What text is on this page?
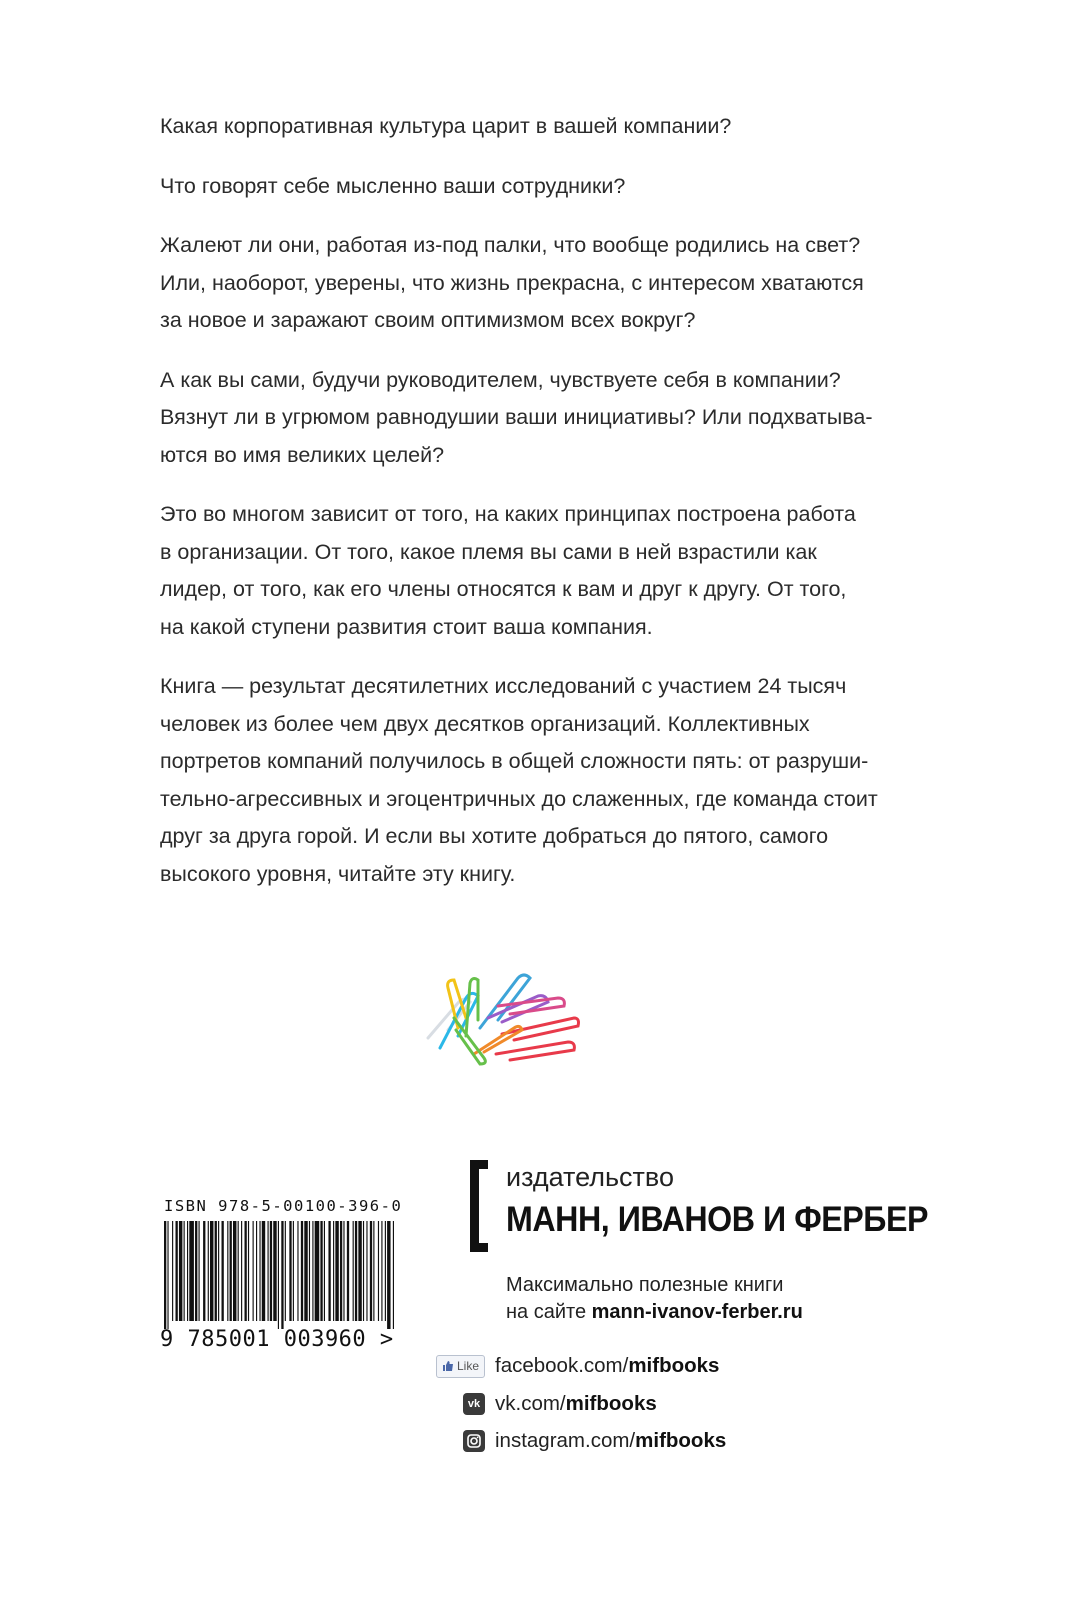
Какая корпоративная культура царит в вашей компании?

Что говорят себе мысленно ваши сотрудники?

Жалеют ли они, работая из-под палки, что вообще родились на свет?
Или, наоборот, уверены, что жизнь прекрасна, с интересом хватаются
за новое и заражают своим оптимизмом всех вокруг?

А как вы сами, будучи руководителем, чувствуете себя в компании?
Вязнут ли в угрюмом равнодушии ваши инициативы? Или подхватыва-
ются во имя великих целей?

Это во многом зависит от того, на каких принципах построена работа
в организации. От того, какое племя вы сами в ней взрастили как
лидер, от того, как его члены относятся к вам и друг к другу. От того,
на какой ступени развития стоит ваша компания.

Книга — результат десятилетних исследований с участием 24 тысяч
человек из более чем двух десятков организаций. Коллективных
портретов компаний получилось в общей сложности пять: от разруши-
тельно-агрессивных и эгоцентричных до слаженных, где команда стоит
друг за друга горой. И если вы хотите добраться до пятого, самого
высокого уровня, читайте эту книгу.

ISBN 978-5-00100-396-0
9 785001 003960 >
издательство
МАНН, ИВАНОВ И ФЕРБЕР
Максимально полезные книги
на сайте mann-ivanov-ferber.ru
Like facebook.com/mifbooks
vk vk.com/mifbooks
instagram.com/mifbooks
